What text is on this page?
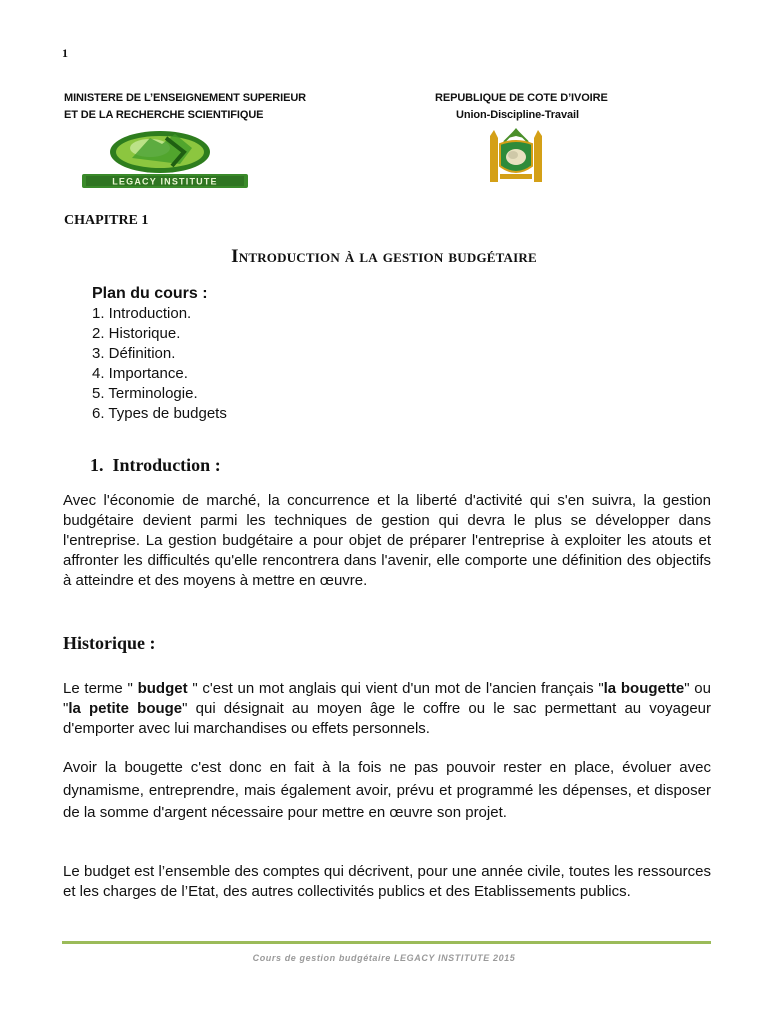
1
MINISTERE DE L’ENSEIGNEMENT SUPERIEUR
ET DE LA RECHERCHE SCIENTIFIQUE
REPUBLIQUE DE COTE D’IVOIRE
Union-Discipline-Travail
LEGACY INSTITUTE
CHAPITRE 1
Introduction à la gestion budgétaire
Plan du cours :
1. Introduction.
2. Historique.
3. Définition.
4. Importance.
5. Terminologie.
6. Types de budgets
1.  Introduction :
Avec l'économie de marché, la concurrence et la liberté d'activité qui s'en suivra, la gestion budgétaire devient parmi les techniques de gestion qui devra le plus se développer dans l'entreprise. La gestion budgétaire a pour objet de préparer l'entreprise à exploiter les atouts et affronter les difficultés qu'elle rencontrera dans l'avenir, elle comporte une définition des objectifs à atteindre et des moyens à mettre en œuvre.
Historique :
Le terme " budget " c'est un mot anglais qui vient d'un mot de l'ancien français "la bougette" ou "la petite bouge" qui désignait au moyen âge le coffre ou le sac permettant au voyageur d'emporter avec lui marchandises ou effets personnels.
Avoir la bougette c'est donc en fait à la fois ne pas pouvoir rester en place, évoluer avec dynamisme, entreprendre, mais également avoir, prévu et programmé les dépenses, et disposer de la somme d'argent nécessaire pour mettre en œuvre son projet.
Le budget est l’ensemble des comptes qui décrivent, pour une année civile, toutes les ressources et les charges de l’Etat, des autres collectivités publics et des Etablissements publics.
Cours de gestion budgétaire LEGACY INSTITUTE 2015
